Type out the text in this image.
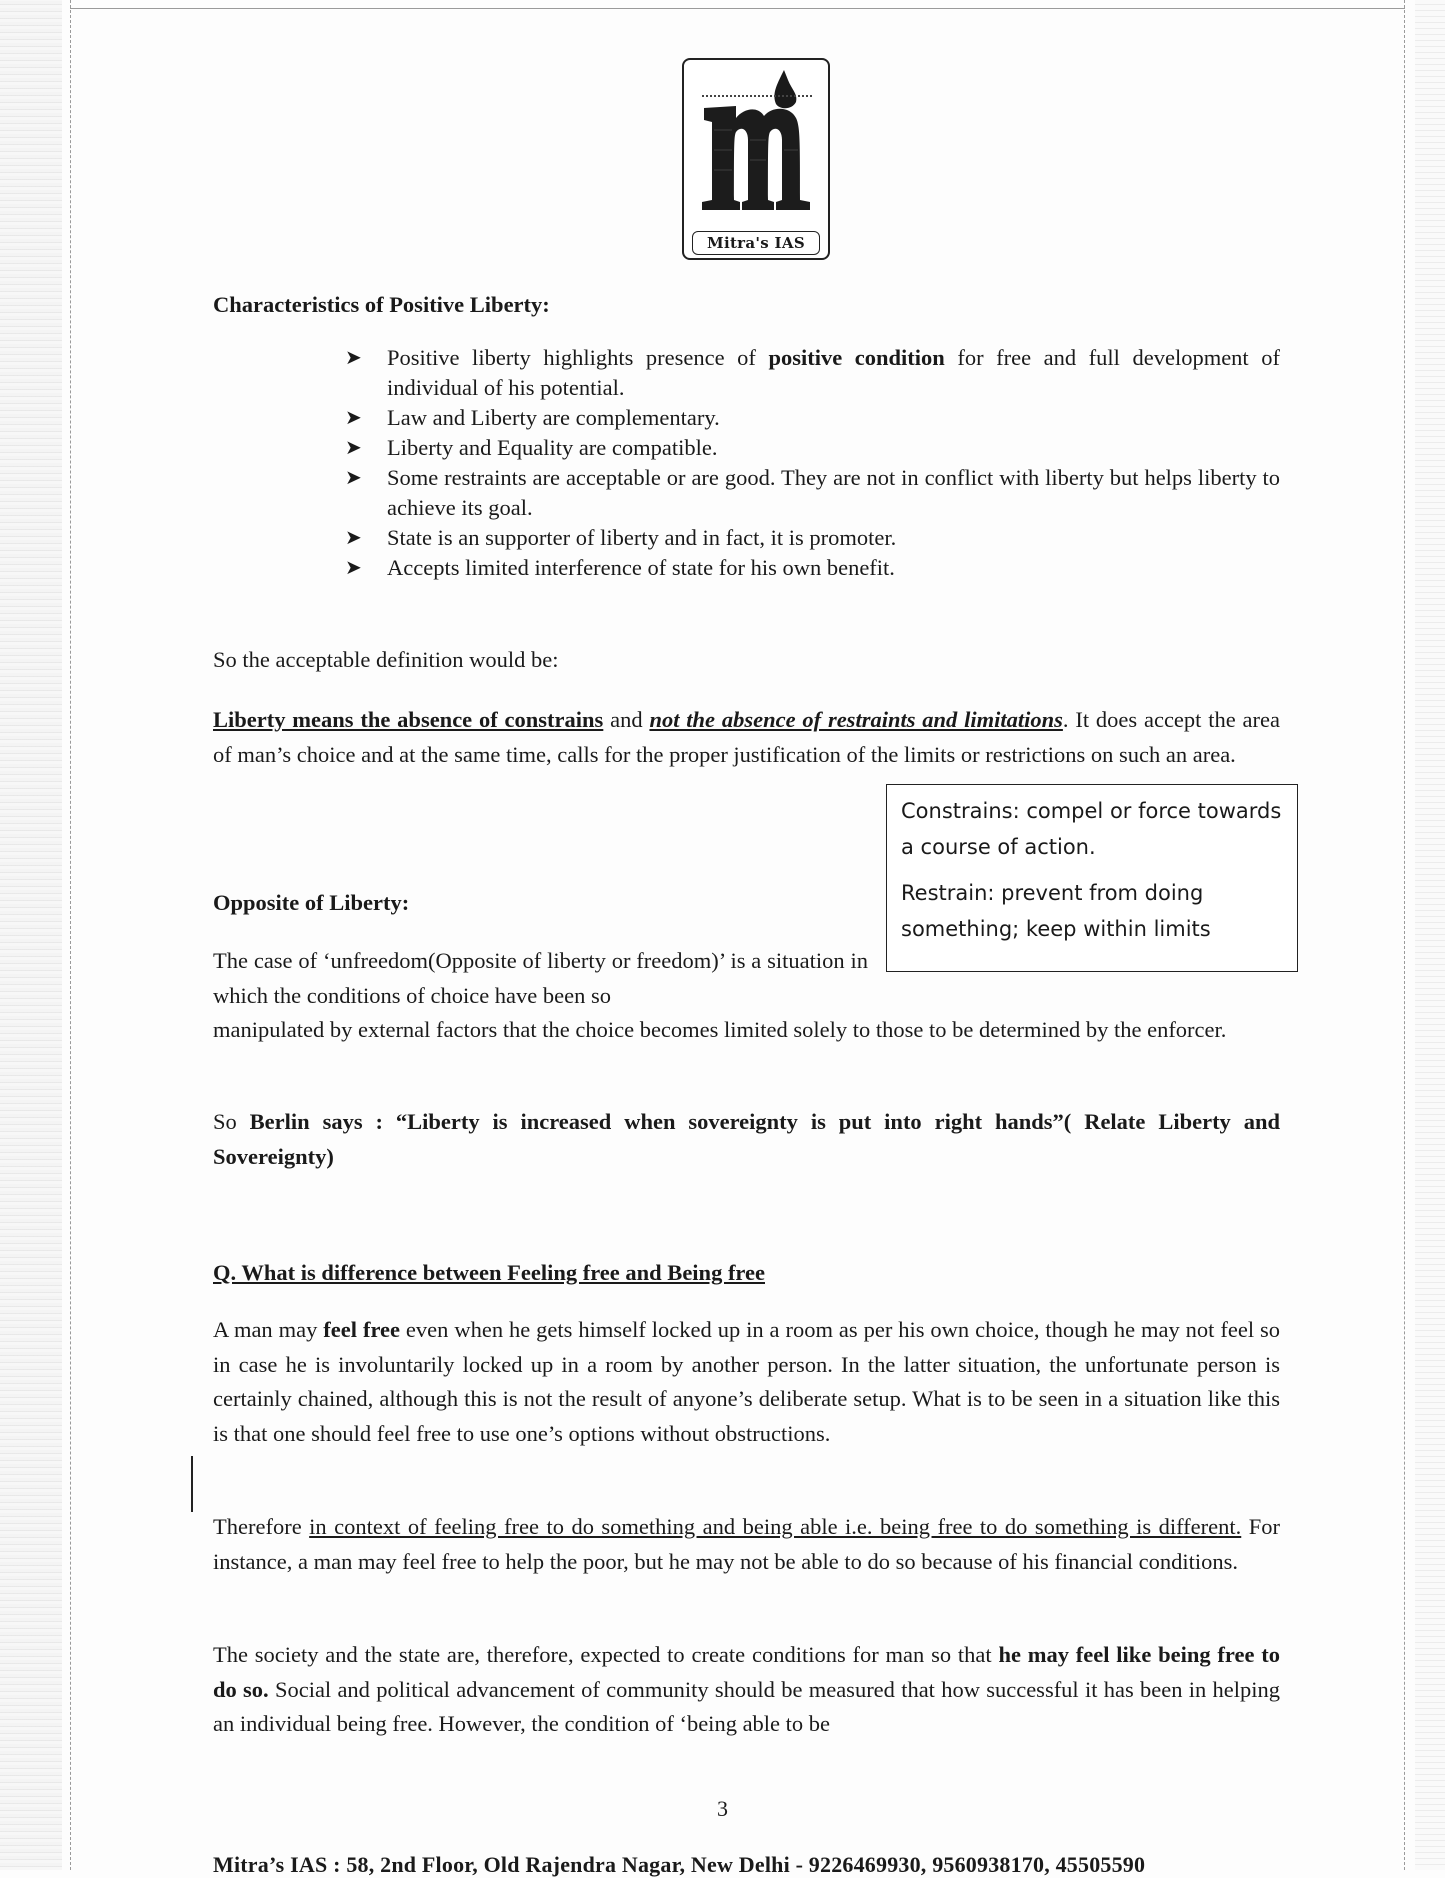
Mitra's IAS
Characteristics of Positive Liberty:
➤ Positive liberty highlights presence of positive condition for free and full development of individual of his potential.
➤ Law and Liberty are complementary.
➤ Liberty and Equality are compatible.
➤ Some restraints are acceptable or are good. They are not in conflict with liberty but helps liberty to achieve its goal.
➤ State is an supporter of liberty and in fact, it is promoter.
➤ Accepts limited interference of state for his own benefit.
So the acceptable definition would be:
Liberty means the absence of constrains and not the absence of restraints and limitations. It does accept the area of man’s choice and at the same time, calls for the proper justification of the limits or restrictions on such an area.

Constrains: compel or force towards a course of action.

Restrain: prevent from doing something; keep within limits

Opposite of Liberty:
The case of ‘unfreedom(Opposite of liberty or freedom)’ is a situation in which the conditions of choice have been so
manipulated by external factors that the choice becomes limited solely to those to be determined by the enforcer.
So Berlin says : “Liberty is increased when sovereignty is put into right hands”( Relate Liberty and Sovereignty)
Q. What is difference between Feeling free and Being free
A man may feel free even when he gets himself locked up in a room as per his own choice, though he may not feel so in case he is involuntarily locked up in a room by another person. In the latter situation, the unfortunate person is certainly chained, although this is not the result of anyone’s deliberate setup. What is to be seen in a situation like this is that one should feel free to use one’s options without obstructions.
Therefore in context of feeling free to do something and being able i.e. being free to do something is different. For instance, a man may feel free to help the poor, but he may not be able to do so because of his financial conditions.
The society and the state are, therefore, expected to create conditions for man so that he may feel like being free to do so. Social and political advancement of community should be measured that how successful it has been in helping an individual being free. However, the condition of ‘being able to be
3
Mitra’s IAS : 58, 2nd Floor, Old Rajendra Nagar, New Delhi - 9226469930, 9560938170, 45505590
